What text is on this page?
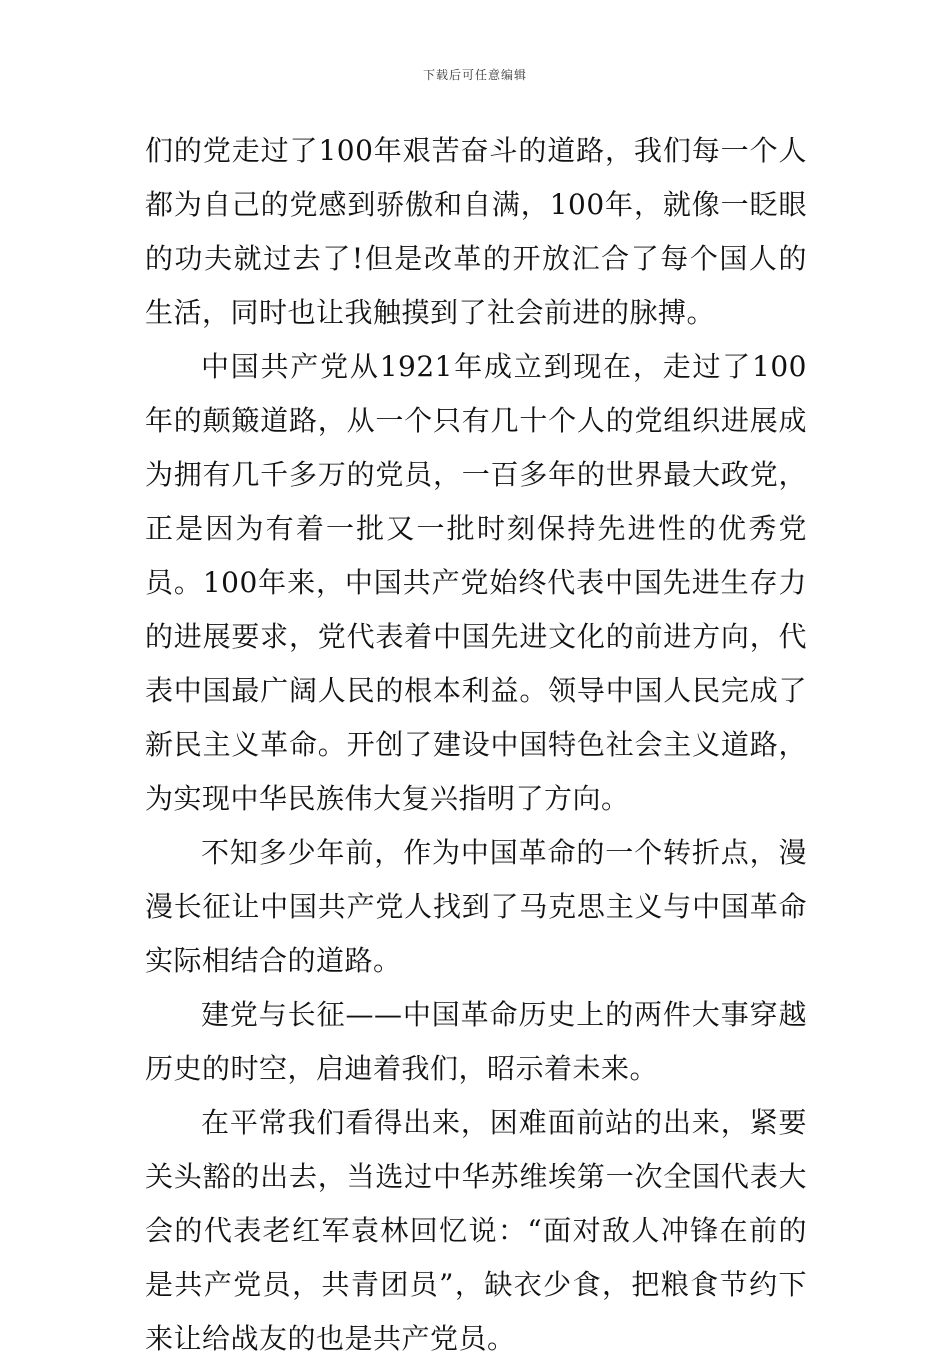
下载后可任意编辑

们的党走过了100年艰苦奋斗的道路，我们每一个人都为自己的党感到骄傲和自满，100年，就像一眨眼的功夫就过去了!但是改革的开放汇合了每个国人的生活，同时也让我触摸到了社会前进的脉搏。

中国共产党从1921年成立到现在，走过了100年的颠簸道路，从一个只有几十个人的党组织进展成为拥有几千多万的党员，一百多年的世界最大政党，正是因为有着一批又一批时刻保持先进性的优秀党员。100年来，中国共产党始终代表中国先进生存力的进展要求，党代表着中国先进文化的前进方向，代表中国最广阔人民的根本利益。领导中国人民完成了新民主义革命。开创了建设中国特色社会主义道路，为实现中华民族伟大复兴指明了方向。

不知多少年前，作为中国革命的一个转折点，漫漫长征让中国共产党人找到了马克思主义与中国革命实际相结合的道路。

建党与长征——中国革命历史上的两件大事穿越历史的时空，启迪着我们，昭示着未来。

在平常我们看得出来，困难面前站的出来，紧要关头豁的出去，当选过中华苏维埃第一次全国代表大会的代表老红军袁林回忆说：“面对敌人冲锋在前的是共产党员，共青团员”，缺衣少食，把粮食节约下来让给战友的也是共产党员。
